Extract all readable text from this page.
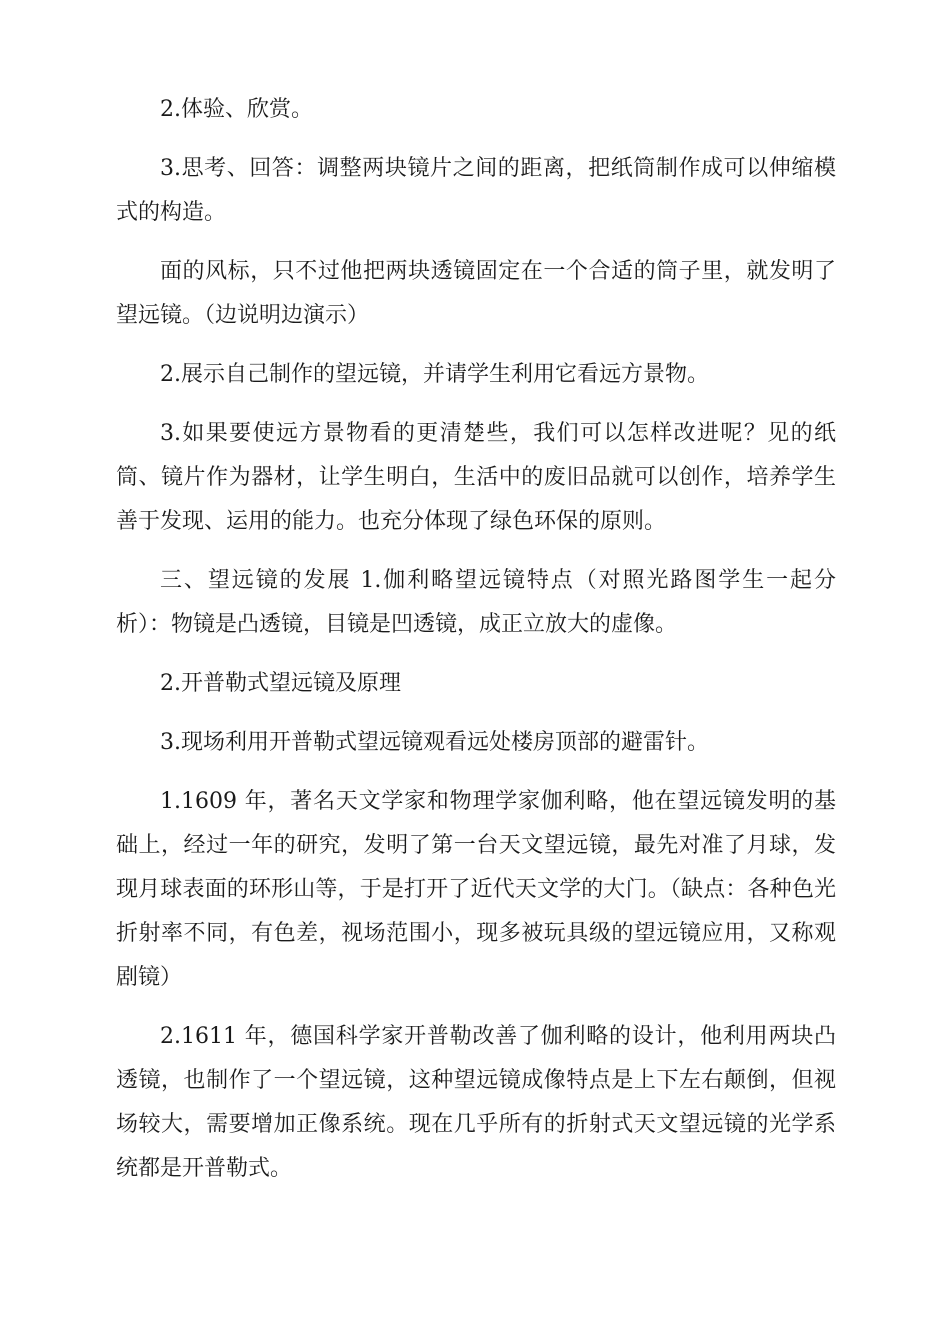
2.体验、欣赏。

3.思考、回答：调整两块镜片之间的距离，把纸筒制作成可以伸缩模式的构造。

面的风标，只不过他把两块透镜固定在一个合适的筒子里，就发明了望远镜。（边说明边演示）

2.展示自己制作的望远镜，并请学生利用它看远方景物。

3.如果要使远方景物看的更清楚些，我们可以怎样改进呢？见的纸筒、镜片作为器材，让学生明白，生活中的废旧品就可以创作，培养学生善于发现、运用的能力。也充分体现了绿色环保的原则。

三、望远镜的发展 1.伽利略望远镜特点（对照光路图学生一起分析）：物镜是凸透镜，目镜是凹透镜，成正立放大的虚像。

2.开普勒式望远镜及原理

3.现场利用开普勒式望远镜观看远处楼房顶部的避雷针。

1.1609 年，著名天文学家和物理学家伽利略，他在望远镜发明的基础上，经过一年的研究，发明了第一台天文望远镜，最先对准了月球，发现月球表面的环形山等，于是打开了近代天文学的大门。（缺点：各种色光折射率不同，有色差，视场范围小，现多被玩具级的望远镜应用，又称观剧镜）

2.1611 年，德国科学家开普勒改善了伽利略的设计，他利用两块凸透镜，也制作了一个望远镜，这种望远镜成像特点是上下左右颠倒，但视场较大，需要增加正像系统。现在几乎所有的折射式天文望远镜的光学系统都是开普勒式。
